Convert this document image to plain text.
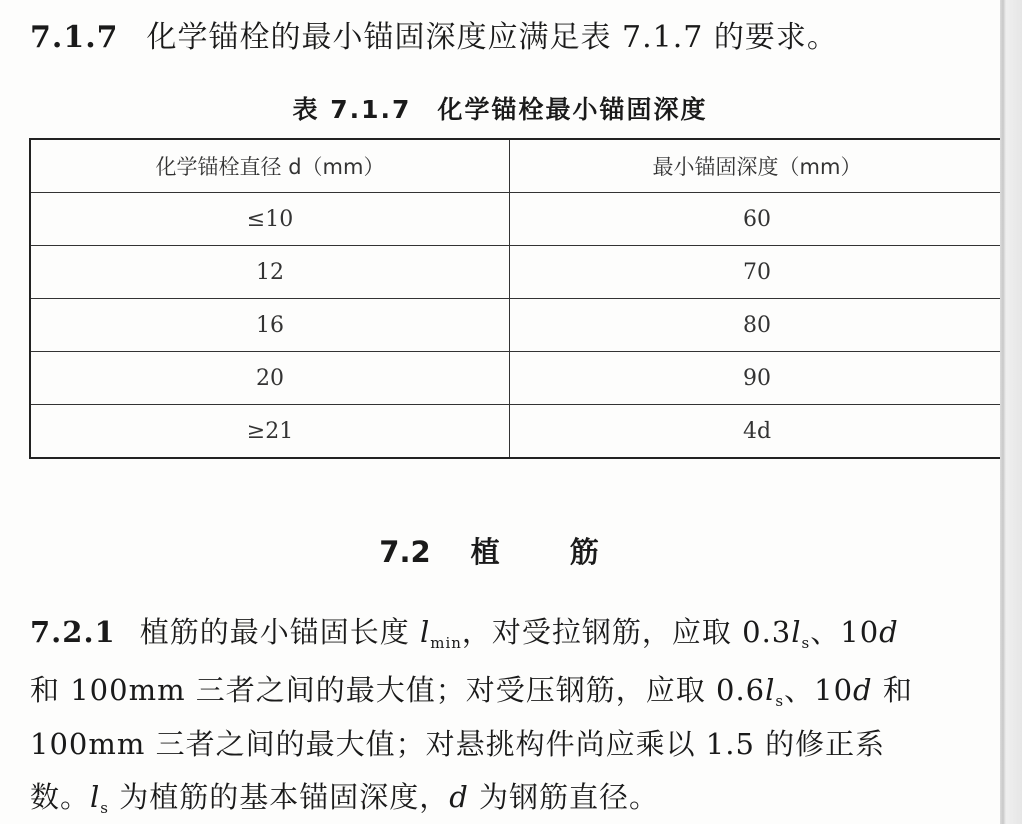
7.1.7 化学锚栓的最小锚固深度应满足表 7.1.7 的要求。
表 7.1.7 化学锚栓最小锚固深度
化学锚栓直径 d（mm）	最小锚固深度（mm）
≤10	60
12	70
16	80
20	90
≥21	4d
7.2 植 筋
7.2.1 植筋的最小锚固长度 $l_{min}$，对受拉钢筋，应取 $0.3l_s$、10d
和 100mm 三者之间的最大值；对受压钢筋，应取 $0.6l_s$、10d 和
100mm 三者之间的最大值；对悬挑构件尚应乘以 1.5 的修正系
数。$l_s$ 为植筋的基本锚固深度，d 为钢筋直径。
